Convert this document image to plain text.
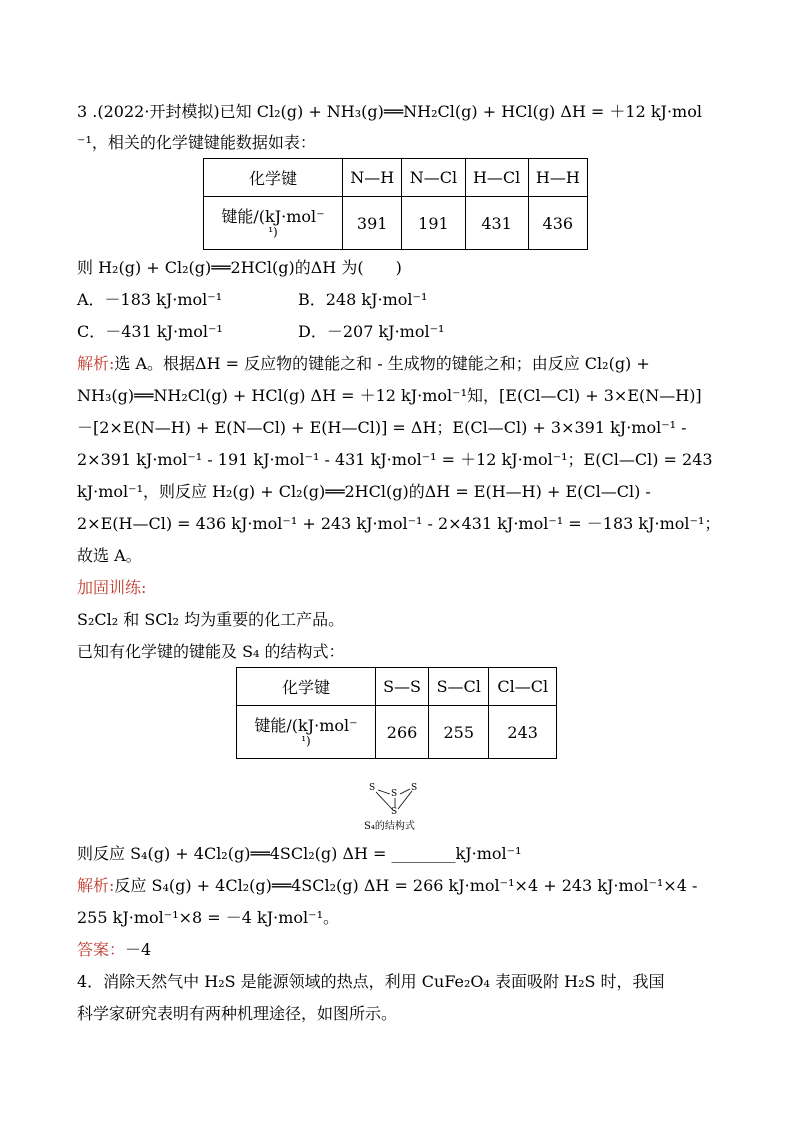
3 .(2022·开封模拟)已知 Cl₂(g) + NH₃(g)══NH₂Cl(g) + HCl(g) ΔH = ＋12 kJ·mol
⁻¹，相关的化学键键能数据如表：
化学键	N—H	N—Cl	H—Cl	H—H

键能/(kJ·mol⁻
¹)	391	191	431	436
则 H₂(g) + Cl₂(g)══2HCl(g)的ΔH 为(　　)
A．－183 kJ·mol⁻¹	B．248 kJ·mol⁻¹
C．－431 kJ·mol⁻¹	D．－207 kJ·mol⁻¹
解析:选 A。根据ΔH = 反应物的键能之和 - 生成物的键能之和；由反应 Cl₂(g) +
NH₃(g)══NH₂Cl(g) + HCl(g) ΔH = ＋12 kJ·mol⁻¹知，[E(Cl—Cl) + 3×E(N—H)]
－[2×E(N—H) + E(N—Cl) + E(H—Cl)] = ΔH；E(Cl—Cl) + 3×391 kJ·mol⁻¹ -
2×391 kJ·mol⁻¹ - 191 kJ·mol⁻¹ - 431 kJ·mol⁻¹ = ＋12 kJ·mol⁻¹；E(Cl—Cl) = 243
kJ·mol⁻¹，则反应 H₂(g) + Cl₂(g)══2HCl(g)的ΔH = E(H—H) + E(Cl—Cl) -
2×E(H—Cl) = 436 kJ·mol⁻¹ + 243 kJ·mol⁻¹ - 2×431 kJ·mol⁻¹ = －183 kJ·mol⁻¹；
故选 A。
加固训练:
S₂Cl₂ 和 SCl₂ 均为重要的化工产品。
已知有化学键的键能及 S₄ 的结构式：
化学键	S—S	S—Cl	Cl—Cl

键能/(kJ·mol⁻
¹)	266	255	243
S
S
S
S
S₄的结构式
则反应 S₄(g) + 4Cl₂(g)══4SCl₂(g) ΔH = ________kJ·mol⁻¹
解析:反应 S₄(g) + 4Cl₂(g)══4SCl₂(g) ΔH = 266 kJ·mol⁻¹×4 + 243 kJ·mol⁻¹×4 -
255 kJ·mol⁻¹×8 = －4 kJ·mol⁻¹。
答案：－4
4．消除天然气中 H₂S 是能源领域的热点，利用 CuFe₂O₄ 表面吸附 H₂S 时，我国
科学家研究表明有两种机理途径，如图所示。
